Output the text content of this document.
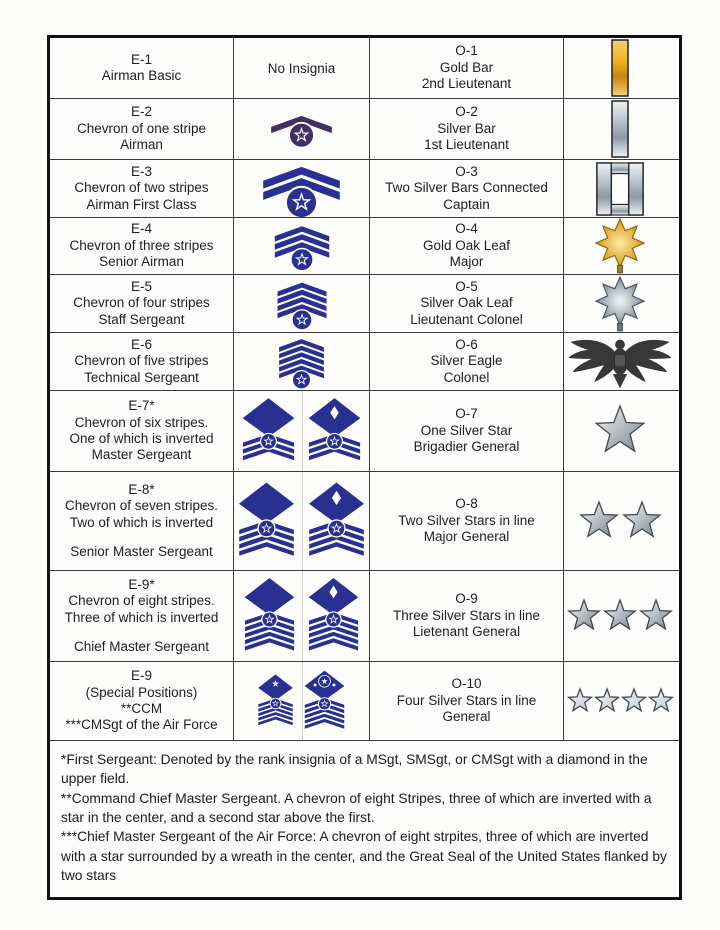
E-1
Airman Basic	No Insignia
O-1
Gold Bar
2nd Lieutenant
E-2
Chevron of one stripe
Airman
O-2
Silver Bar
1st Lieutenant
E-3
Chevron of two stripes
Airman First Class
O-3
Two Silver Bars Connected
Captain
E-4
Chevron of three stripes
Senior Airman
O-4
Gold Oak Leaf
Major
E-5
Chevron of four stripes
Staff Sergeant
O-5
Silver Oak Leaf
Lieutenant Colonel
E-6
Chevron of five stripes
Technical Sergeant
O-6
Silver Eagle
Colonel
E-7*
Chevron of six stripes.
One of which is inverted
Master Sergeant
O-7
One Silver Star
Brigadier General
E-8*
Chevron of seven stripes.
Two of which is inverted
Senior Master Sergeant
O-8
Two Silver Stars in line
Major General
E-9*
Chevron of eight stripes.
Three of which is inverted
Chief Master Sergeant
O-9
Three Silver Stars in line
Lietenant General
E-9
(Special Positions)
**CCM
***CMSgt of the Air Force
O-10
Four Silver Stars in line
General

*First Sergeant: Denoted by the rank insignia of a MSgt, SMSgt, or CMSgt with a diamond in the upper field.

**Command Chief Master Sergeant. A chevron of eight Stripes, three of which are inverted with a star in the center, and a second star above the first.

***Chief Master Sergeant of the Air Force: A chevron of eight strpites, three of which are inverted with a star surrounded by a wreath in the center, and the Great Seal of the United States flanked by two stars
